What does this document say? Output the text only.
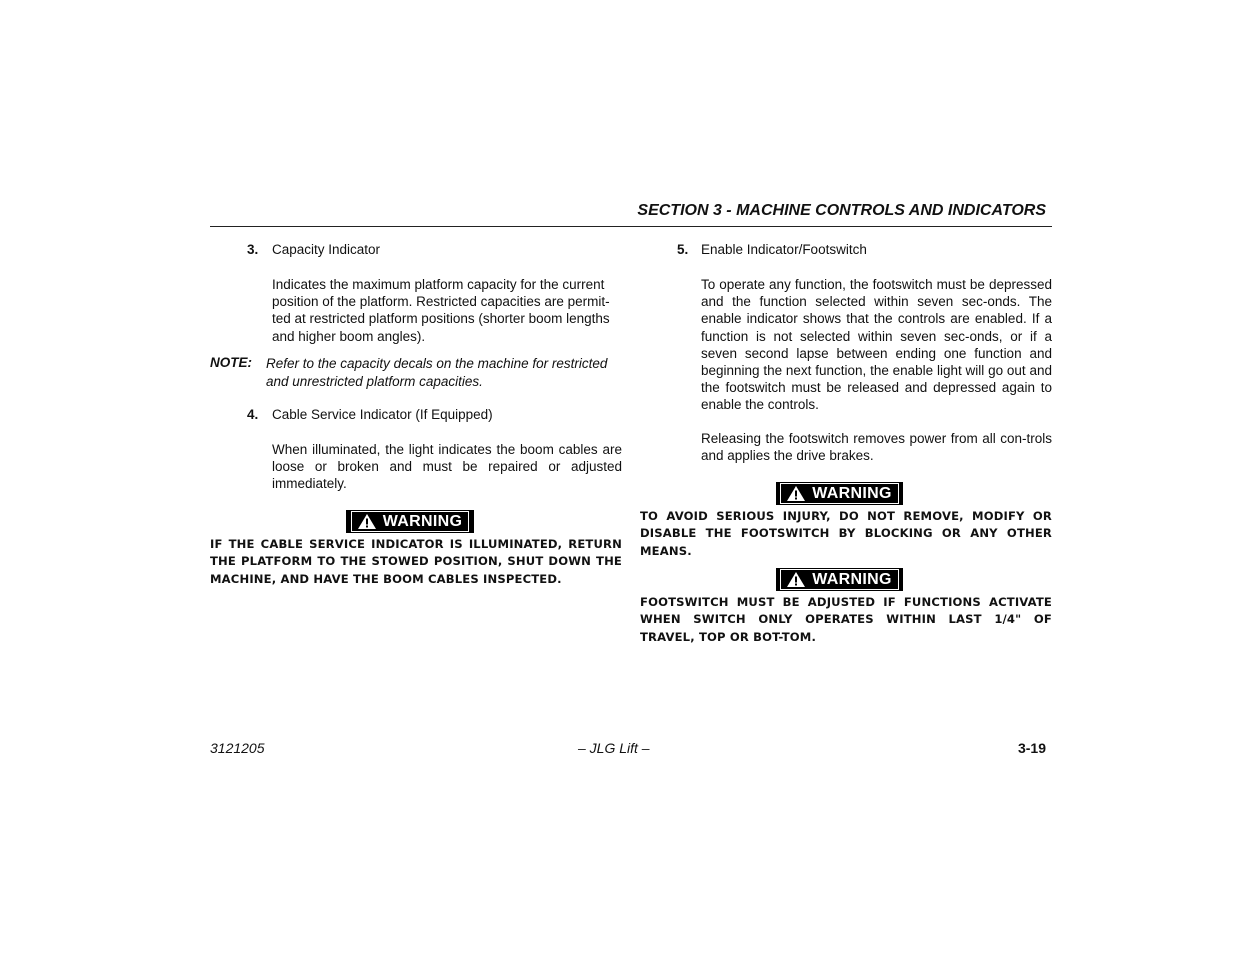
SECTION 3 - MACHINE CONTROLS AND INDICATORS
3. Capacity Indicator
Indicates the maximum platform capacity for the current position of the platform. Restricted capacities are permit-ted at restricted platform positions (shorter boom lengths and higher boom angles).
NOTE: Refer to the capacity decals on the machine for restricted and unrestricted platform capacities.
4. Cable Service Indicator (If Equipped)
When illuminated, the light indicates the boom cables are loose or broken and must be repaired or adjusted immediately.
WARNING
IF THE CABLE SERVICE INDICATOR IS ILLUMINATED, RETURN THE PLATFORM TO THE STOWED POSITION, SHUT DOWN THE MACHINE, AND HAVE THE BOOM CABLES INSPECTED.
5. Enable Indicator/Footswitch
To operate any function, the footswitch must be depressed and the function selected within seven sec-onds. The enable indicator shows that the controls are enabled. If a function is not selected within seven sec-onds, or if a seven second lapse between ending one function and beginning the next function, the enable light will go out and the footswitch must be released and depressed again to enable the controls.
Releasing the footswitch removes power from all con-trols and applies the drive brakes.
WARNING
TO AVOID SERIOUS INJURY, DO NOT REMOVE, MODIFY OR DISABLE THE FOOTSWITCH BY BLOCKING OR ANY OTHER MEANS.
WARNING
FOOTSWITCH MUST BE ADJUSTED IF FUNCTIONS ACTIVATE WHEN SWITCH ONLY OPERATES WITHIN LAST 1/4" OF TRAVEL, TOP OR BOT-TOM.
3121205	– JLG Lift –	3-19
